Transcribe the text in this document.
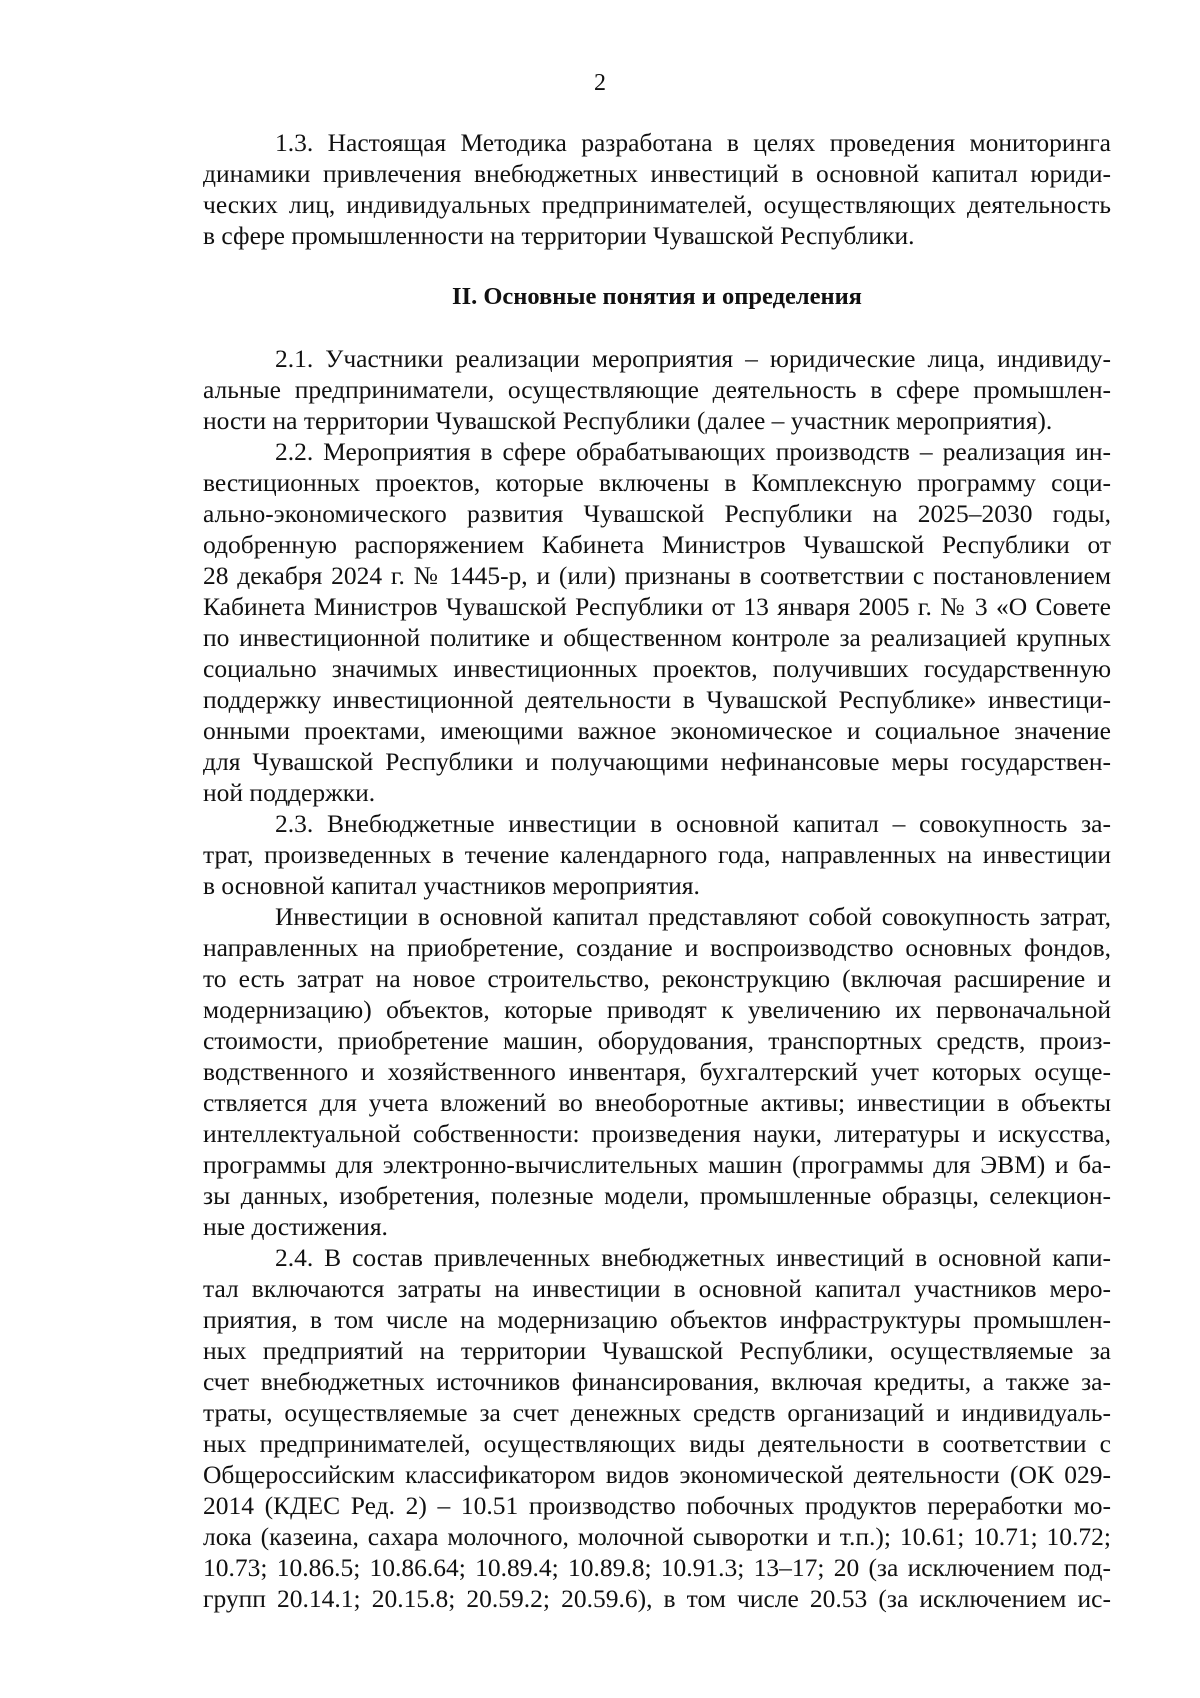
2
1.3. Настоящая Методика разработана в целях проведения мониторинга
динамики привлечения внебюджетных инвестиций в основной капитал юриди-
ческих лиц, индивидуальных предпринимателей, осуществляющих деятельность
в сфере промышленности на территории Чувашской Республики.
II. Основные понятия и определения
2.1. Участники реализации мероприятия – юридические лица, индивиду-
альные предприниматели, осуществляющие деятельность в сфере промышлен-
ности на территории Чувашской Республики (далее – участник мероприятия).
2.2. Мероприятия в сфере обрабатывающих производств – реализация ин-
вестиционных проектов, которые включены в Комплексную программу соци-
ально-экономического развития Чувашской Республики на 2025–2030 годы,
одобренную распоряжением Кабинета Министров Чувашской Республики от
28 декабря 2024 г. № 1445-р, и (или) признаны в соответствии с постановлением
Кабинета Министров Чувашской Республики от 13 января 2005 г. № 3 «О Совете
по инвестиционной политике и общественном контроле за реализацией крупных
социально значимых инвестиционных проектов, получивших государственную
поддержку инвестиционной деятельности в Чувашской Республике» инвестици-
онными проектами, имеющими важное экономическое и социальное значение
для Чувашской Республики и получающими нефинансовые меры государствен-
ной поддержки.
2.3. Внебюджетные инвестиции в основной капитал – совокупность за-
трат, произведенных в течение календарного года, направленных на инвестиции
в основной капитал участников мероприятия.
Инвестиции в основной капитал представляют собой совокупность затрат,
направленных на приобретение, создание и воспроизводство основных фондов,
то есть затрат на новое строительство, реконструкцию (включая расширение и
модернизацию) объектов, которые приводят к увеличению их первоначальной
стоимости, приобретение машин, оборудования, транспортных средств, произ-
водственного и хозяйственного инвентаря, бухгалтерский учет которых осуще-
ствляется для учета вложений во внеоборотные активы; инвестиции в объекты
интеллектуальной собственности: произведения науки, литературы и искусства,
программы для электронно-вычислительных машин (программы для ЭВМ) и ба-
зы данных, изобретения, полезные модели, промышленные образцы, селекцион-
ные достижения.
2.4. В состав привлеченных внебюджетных инвестиций в основной капи-
тал включаются затраты на инвестиции в основной капитал участников меро-
приятия, в том числе на модернизацию объектов инфраструктуры промышлен-
ных предприятий на территории Чувашской Республики, осуществляемые за
счет внебюджетных источников финансирования, включая кредиты, а также за-
траты, осуществляемые за счет денежных средств организаций и индивидуаль-
ных предпринимателей, осуществляющих виды деятельности в соответствии с
Общероссийским классификатором видов экономической деятельности (ОК 029-
2014 (КДЕС Ред. 2) – 10.51 производство побочных продуктов переработки мо-
лока (казеина, сахара молочного, молочной сыворотки и т.п.); 10.61; 10.71; 10.72;
10.73; 10.86.5; 10.86.64; 10.89.4; 10.89.8; 10.91.3; 13–17; 20 (за исключением под-
групп 20.14.1; 20.15.8; 20.59.2; 20.59.6), в том числе 20.53 (за исключением ис-
